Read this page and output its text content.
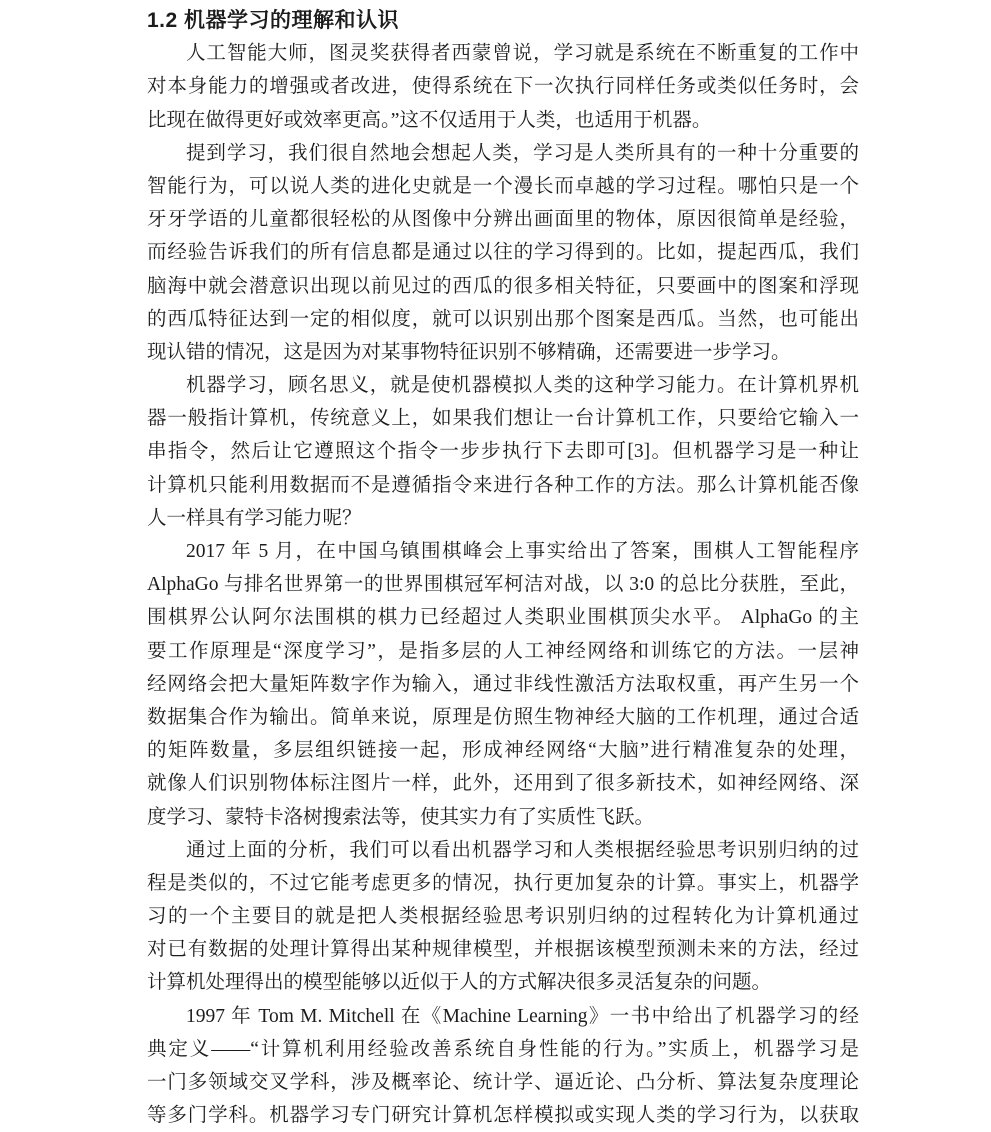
1.2 机器学习的理解和认识
人工智能大师，图灵奖获得者西蒙曾说，学习就是系统在不断重复的工作中
对本身能力的增强或者改进，使得系统在下一次执行同样任务或类似任务时，会
比现在做得更好或效率更高。”这不仅适用于人类，也适用于机器。
提到学习，我们很自然地会想起人类，学习是人类所具有的一种十分重要的
智能行为，可以说人类的进化史就是一个漫长而卓越的学习过程。哪怕只是一个
牙牙学语的儿童都很轻松的从图像中分辨出画面里的物体，原因很简单是经验，
而经验告诉我们的所有信息都是通过以往的学习得到的。比如，提起西瓜，我们
脑海中就会潜意识出现以前见过的西瓜的很多相关特征，只要画中的图案和浮现
的西瓜特征达到一定的相似度，就可以识别出那个图案是西瓜。当然，也可能出
现认错的情况，这是因为对某事物特征识别不够精确，还需要进一步学习。
机器学习，顾名思义，就是使机器模拟人类的这种学习能力。在计算机界机
器一般指计算机，传统意义上，如果我们想让一台计算机工作，只要给它输入一
串指令，然后让它遵照这个指令一步步执行下去即可[3]。但机器学习是一种让
计算机只能利用数据而不是遵循指令来进行各种工作的方法。那么计算机能否像
人一样具有学习能力呢？
2017 年 5 月，在中国乌镇围棋峰会上事实给出了答案，围棋人工智能程序
AlphaGo 与排名世界第一的世界围棋冠军柯洁对战，以 3:0 的总比分获胜，至此，
围棋界公认阿尔法围棋的棋力已经超过人类职业围棋顶尖水平。 AlphaGo 的主
要工作原理是“深度学习”，是指多层的人工神经网络和训练它的方法。一层神
经网络会把大量矩阵数字作为输入，通过非线性激活方法取权重，再产生另一个
数据集合作为输出。简单来说，原理是仿照生物神经大脑的工作机理，通过合适
的矩阵数量，多层组织链接一起，形成神经网络“大脑”进行精准复杂的处理，
就像人们识别物体标注图片一样，此外，还用到了很多新技术，如神经网络、深
度学习、蒙特卡洛树搜索法等，使其实力有了实质性飞跃。
通过上面的分析，我们可以看出机器学习和人类根据经验思考识别归纳的过
程是类似的，不过它能考虑更多的情况，执行更加复杂的计算。事实上，机器学
习的一个主要目的就是把人类根据经验思考识别归纳的过程转化为计算机通过
对已有数据的处理计算得出某种规律模型，并根据该模型预测未来的方法，经过
计算机处理得出的模型能够以近似于人的方式解决很多灵活复杂的问题。
1997 年 Tom M. Mitchell 在《Machine Learning》一书中给出了机器学习的经
典定义——“计算机利用经验改善系统自身性能的行为。”实质上，机器学习是
一门多领域交叉学科，涉及概率论、统计学、逼近论、凸分析、算法复杂度理论
等多门学科。机器学习专门研究计算机怎样模拟或实现人类的学习行为，以获取
